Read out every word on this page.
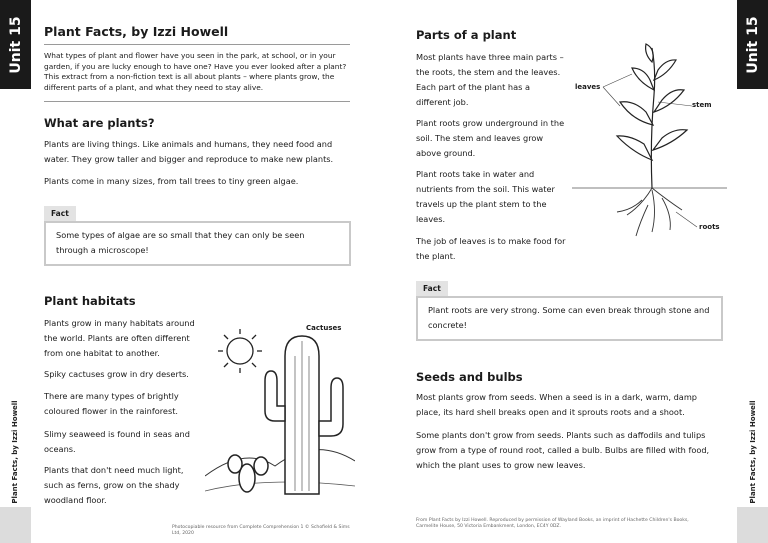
Unit 15
Plant Facts, by Izzi Howell
Unit 15
Plant Facts, by Izzi Howell
Plant Facts, by Izzi Howell
What types of plant and flower have you seen in the park, at school, or in your garden, if you are lucky enough to have one? Have you ever looked after a plant? This extract from a non-fiction text is all about plants – where plants grow, the different parts of a plant, and what they need to stay alive.
What are plants?
Plants are living things. Like animals and humans, they need food and water. They grow taller and bigger and reproduce to make new plants.
Plants come in many sizes, from tall trees to tiny green algae.
Fact
Some types of algae are so small that they can only be seen through a microscope!
Plant habitats
Plants grow in many habitats around the world. Plants are often different from one habitat to another.
Spiky cactuses grow in dry deserts.
There are many types of brightly coloured flower in the rainforest.
Slimy seaweed is found in seas and oceans.
Plants that don't need much light, such as ferns, grow on the shady woodland floor.
Cactuses
Photocopiable resource from Complete Comprehension 1 © Schofield & Sims Ltd, 2020
Parts of a plant
Most plants have three main parts – the roots, the stem and the leaves. Each part of the plant has a different job.
Plant roots grow underground in the soil. The stem and leaves grow above ground.
Plant roots take in water and nutrients from the soil. This water travels up the plant stem to the leaves.
The job of leaves is to make food for the plant.
leaves
stem
roots
Fact
Plant roots are very strong. Some can even break through stone and concrete!
Seeds and bulbs
Most plants grow from seeds. When a seed is in a dark, warm, damp place, its hard shell breaks open and it sprouts roots and a shoot.
Some plants don't grow from seeds. Plants such as daffodils and tulips grow from a type of round root, called a bulb. Bulbs are filled with food, which the plant uses to grow new leaves.
From Plant Facts by Izzi Howell. Reproduced by permission of Wayland Books, an imprint of Hachette Children's Books, Carmelite House, 50 Victoria Embankment, London, EC4Y 0DZ.
